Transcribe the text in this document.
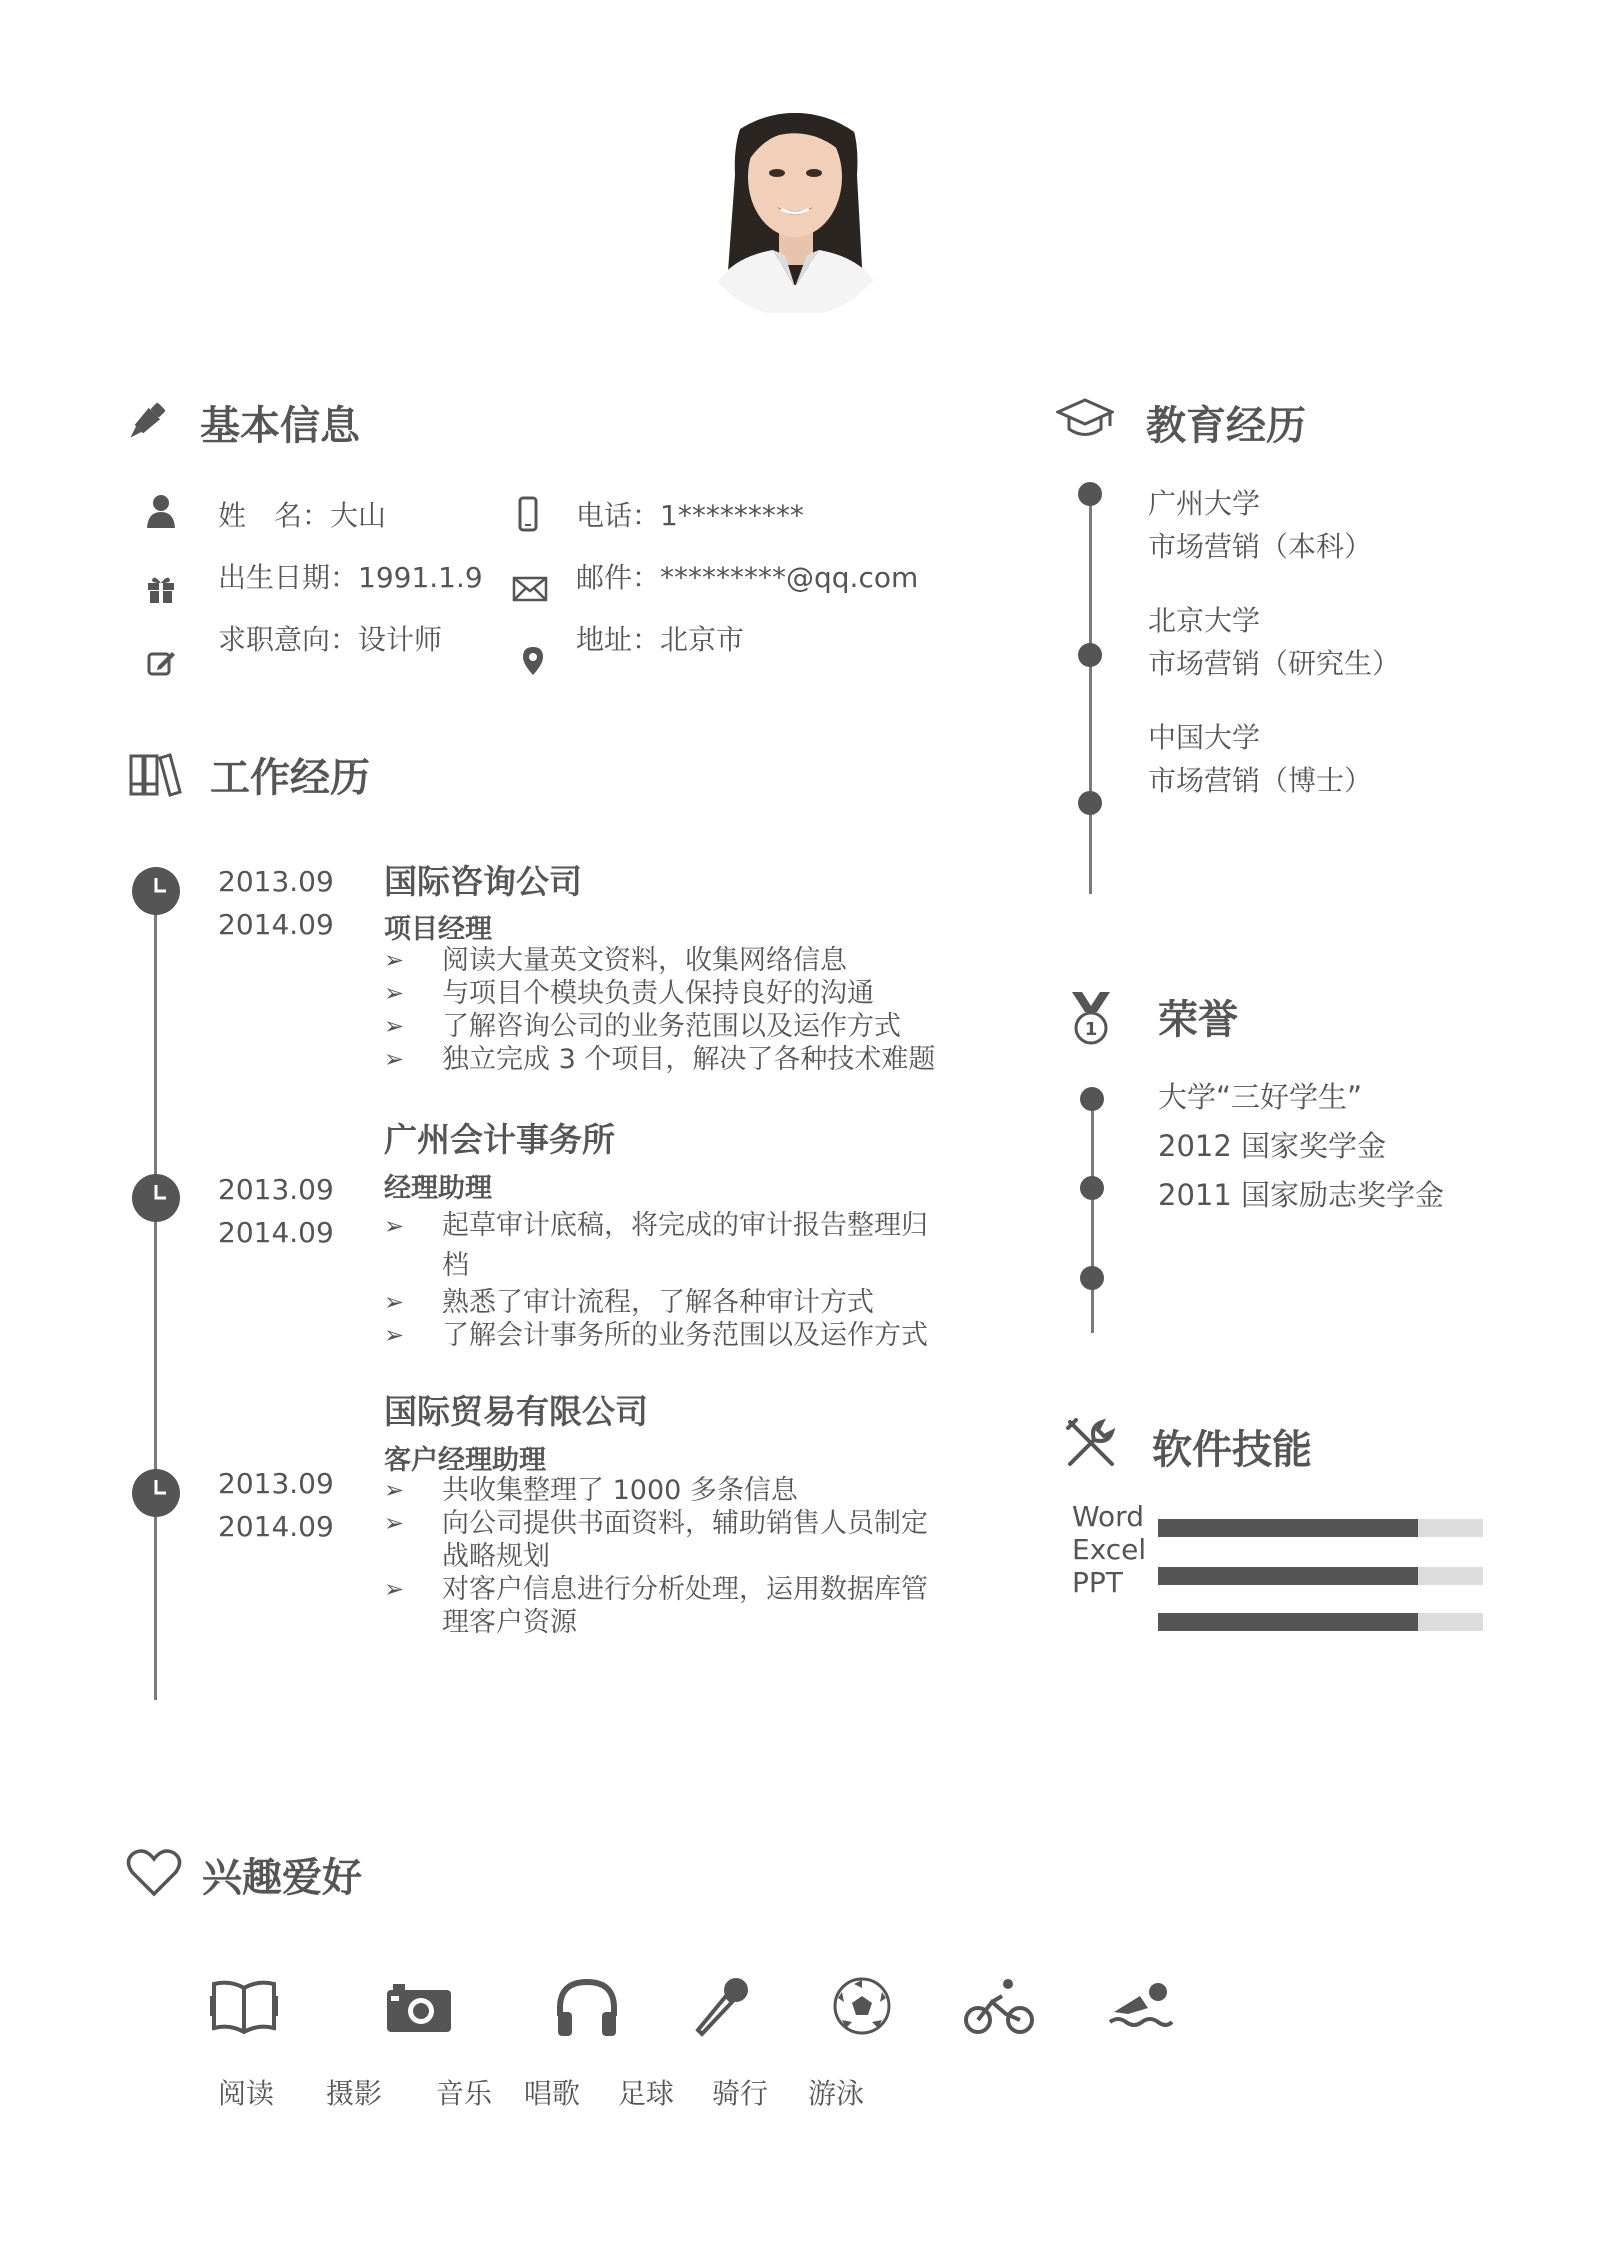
基本信息
姓　名：大山
出生日期：1991.1.9
求职意向：设计师
电话：1*********
邮件：*********@qq.com
地址：北京市
工作经历
2013.09
2014.09
国际咨询公司
项目经理
➢	阅读大量英文资料，收集网络信息
➢	与项目个模块负责人保持良好的沟通
➢	了解咨询公司的业务范围以及运作方式
➢	独立完成 3 个项目，解决了各种技术难题
2013.09
2014.09
广州会计事务所
经理助理
➢	起草审计底稿，将完成的审计报告整理归
档
➢	熟悉了审计流程，了解各种审计方式
➢	了解会计事务所的业务范围以及运作方式
2013.09
2014.09
国际贸易有限公司
客户经理助理
➢	共收集整理了 1000 多条信息
➢	向公司提供书面资料，辅助销售人员制定
战略规划
➢	对客户信息进行分析处理，运用数据库管
理客户资源
教育经历
广州大学
市场营销（本科）
北京大学
市场营销（研究生）
中国大学
市场营销（博士）
1 荣誉
大学“三好学生”
2012 国家奖学金
2011 国家励志奖学金
软件技能
Word
Excel
PPT
兴趣爱好
阅读 摄影 音乐 唱歌 足球 骑行 游泳
